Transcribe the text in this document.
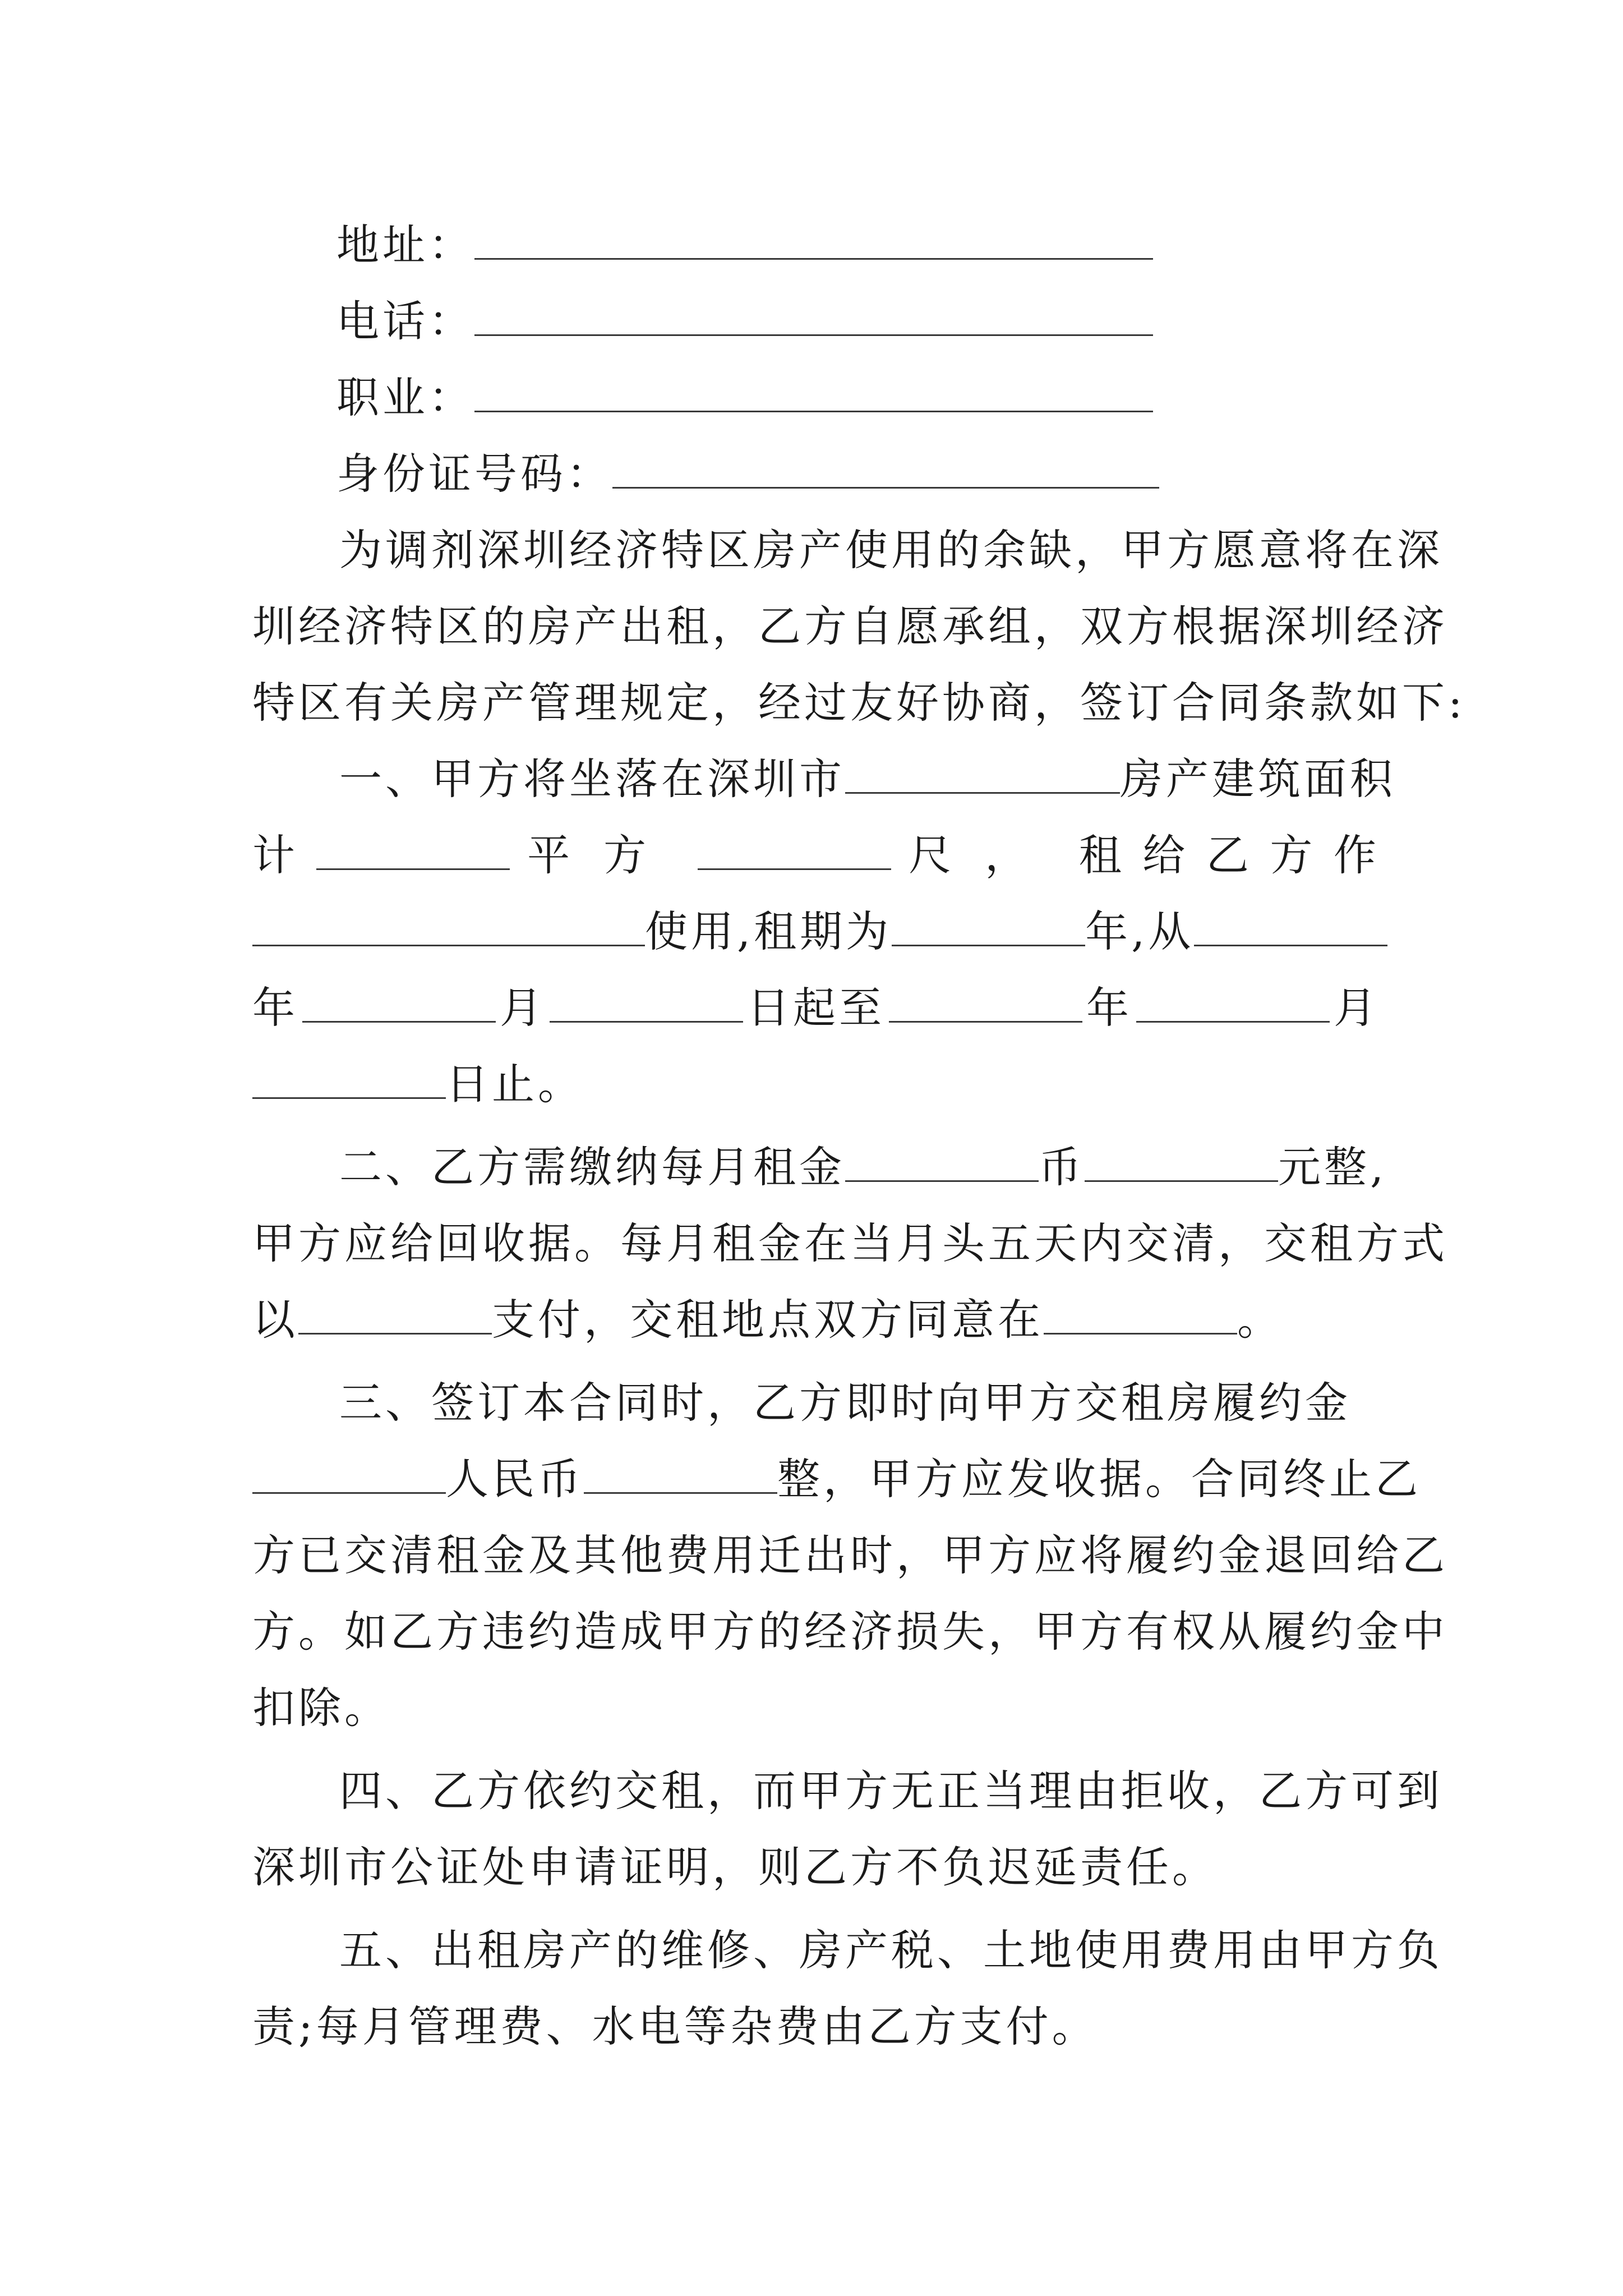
地址：
电话：
职业：
身份证号码：
为调剂深圳经济特区房产使用的余缺，甲方愿意将在深
圳经济特区的房产出租，乙方自愿承组，双方根据深圳经济
特区有关房产管理规定，经过友好协商，签订合同条款如下:
一、甲方将坐落在深圳市	房产建筑面积
计	平方	尺， 租 给 乙 方 作
使用,租期为	年,从
年	月	日起至	年	月
日止。
二、乙方需缴纳每月租金	币	元整,
甲方应给回收据。每月租金在当月头五天内交清，交租方式
以	支付，交租地点双方同意在	。
三、签订本合同时，乙方即时向甲方交租房履约金
人民币	整，甲方应发收据。合同终止乙
方已交清租金及其他费用迁出时，甲方应将履约金退回给乙
方。如乙方违约造成甲方的经济损失，甲方有权从履约金中
扣除。
四、乙方依约交租，而甲方无正当理由拒收，乙方可到
深圳市公证处申请证明，则乙方不负迟延责任。
五、出租房产的维修、房产税、土地使用费用由甲方负
责;每月管理费、水电等杂费由乙方支付。
